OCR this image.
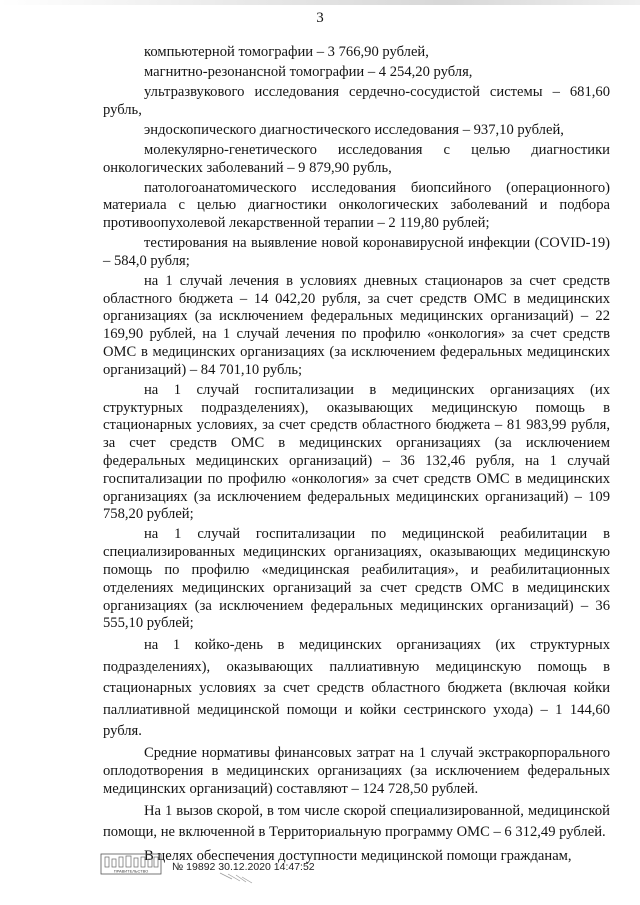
3

компьютерной томографии – 3 766,90 рублей,

магнитно-резонансной томографии – 4 254,20 рубля,

ультразвукового исследования сердечно-сосудистой системы – 681,60 рубль,

эндоскопического диагностического исследования – 937,10 рублей,

молекулярно-генетического исследования с целью диагностики онкологических заболеваний – 9 879,90 рубль,

патологоанатомического исследования биопсийного (операционного) материала с целью диагностики онкологических заболеваний и подбора противоопухолевой лекарственной терапии – 2 119,80 рублей;

тестирования на выявление новой коронавирусной инфекции (COVID-19) – 584,0 рубля;

на 1 случай лечения в условиях дневных стационаров за счет средств областного бюджета – 14 042,20 рубля, за счет средств ОМС в медицинских организациях (за исключением федеральных медицинских организаций) – 22 169,90 рублей, на 1 случай лечения по профилю «онкология» за счет средств ОМС в медицинских организациях (за исключением федеральных медицинских организаций) – 84 701,10 рубль;

на 1 случай госпитализации в медицинских организациях (их структурных подразделениях), оказывающих медицинскую помощь в стационарных условиях, за счет средств областного бюджета – 81 983,99 рубля, за счет средств ОМС в медицинских организациях (за исключением федеральных медицинских организаций) – 36 132,46 рубля, на 1 случай госпитализации по профилю «онкология» за счет средств ОМС в медицинских организациях (за исключением федеральных медицинских организаций) – 109 758,20 рублей;

на 1 случай госпитализации по медицинской реабилитации в специализированных медицинских организациях, оказывающих медицинскую помощь по профилю «медицинская реабилитация», и реабилитационных отделениях медицинских организаций за счет средств ОМС в медицинских организациях (за исключением федеральных медицинских организаций) – 36 555,10 рублей;

на 1 койко-день в медицинских организациях (их структурных подразделениях), оказывающих паллиативную медицинскую помощь в стационарных условиях за счет средств областного бюджета (включая койки паллиативной медицинской помощи и койки сестринского ухода) – 1 144,60 рубля.

Средние нормативы финансовых затрат на 1 случай экстракорпорального оплодотворения в медицинских организациях (за исключением федеральных медицинских организаций) составляют – 124 728,50 рублей.

На 1 вызов скорой, в том числе скорой специализированной, медицинской помощи, не включенной в Территориальную программу ОМС – 6 312,49 рублей.

В целях обеспечения доступности медицинской помощи гражданам,

ПРАВИТЕЛЬСТВО № 19892 30.12.2020 14:47:52
